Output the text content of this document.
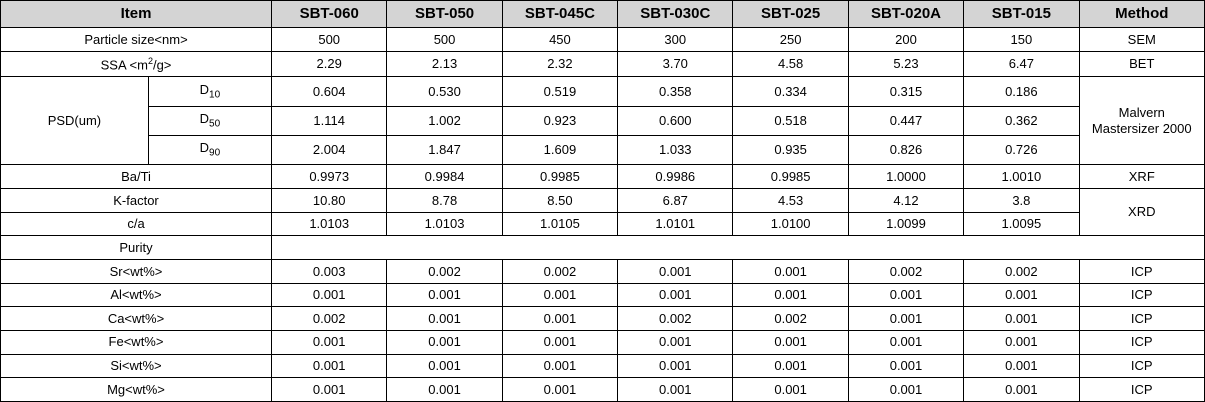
Item		SBT-060	SBT-050	SBT-045C	SBT-030C	SBT-025	SBT-020A	SBT-015	Method
Particle size<nm>		500	500	450	300	250	200	150	SEM
SSA $<m^2/g>$		2.29	2.13	2.32	3.70	4.58	5.23	6.47	BET
PSD(um)	$D_{10}$	0.604	0.530	0.519	0.358	0.334	0.315	0.186	Malvern
Mastersizer 2000
	$D_{50}$	1.114	1.002	0.923	0.600	0.518	0.447	0.362	
	$D_{90}$	2.004	1.847	1.609	1.033	0.935	0.826	0.726	
Ba/Ti		0.9973	0.9984	0.9985	0.9986	0.9985	1.0000	1.0010	XRF
K-factor		10.80	8.78	8.50	6.87	4.53	4.12	3.8	XRD
c/a		1.0103	1.0103	1.0105	1.0101	1.0100	1.0099	1.0095	
Purity									
Sr<wt%>		0.003	0.002	0.002	0.001	0.001	0.002	0.002	ICP
Al<wt%>		0.001	0.001	0.001	0.001	0.001	0.001	0.001	ICP
Ca<wt%>		0.002	0.001	0.001	0.002	0.002	0.001	0.001	ICP
Fe<wt%>		0.001	0.001	0.001	0.001	0.001	0.001	0.001	ICP
Si<wt%>		0.001	0.001	0.001	0.001	0.001	0.001	0.001	ICP
Mg<wt%>		0.001	0.001	0.001	0.001	0.001	0.001	0.001	ICP
